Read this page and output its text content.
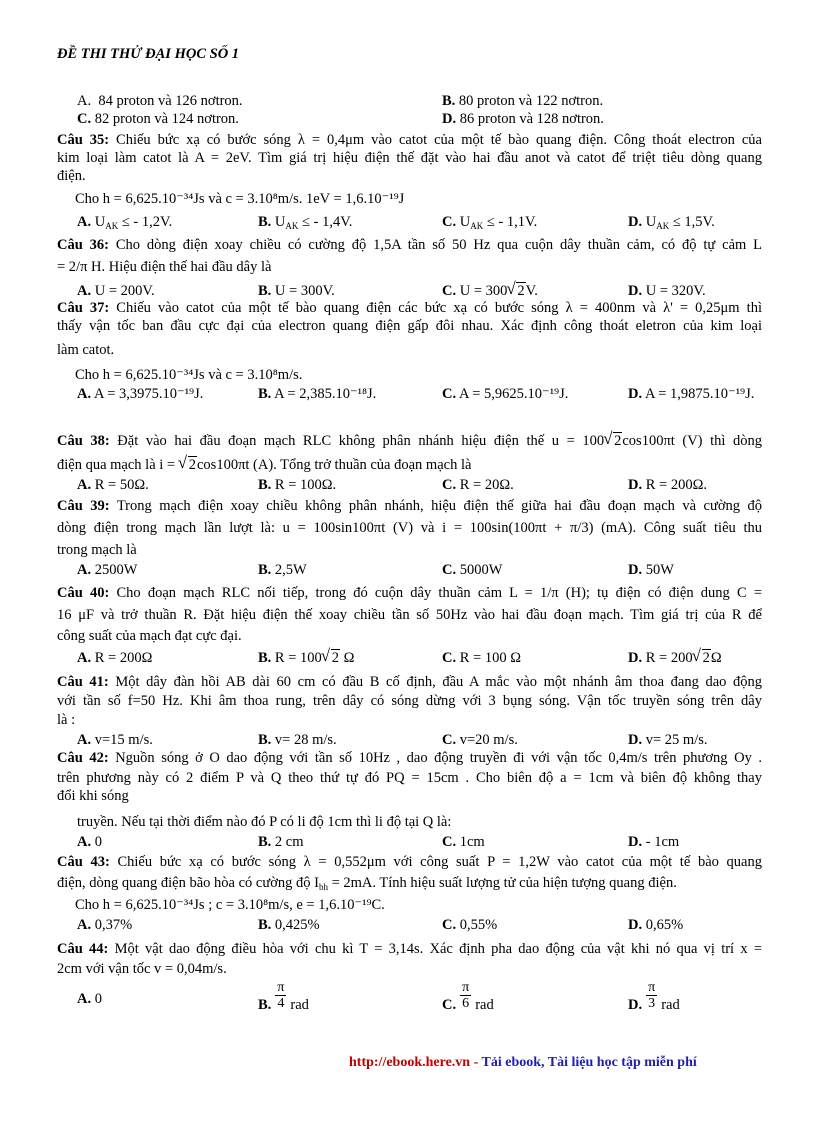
ĐỀ THI THỬ ĐẠI HỌC SỐ 1
A.  84 proton và 126 nơtron.	B. 80 proton và 122 nơtron.
C. 82 proton và 124 nơtron.	D. 86 proton và 128 nơtron.
Câu 35: Chiếu bức xạ có bước sóng λ = 0,4μm vào catot của một tế bào quang điện. Công thoát electron của
kim loại làm catot là A = 2eV. Tìm giá trị hiệu điện thế đặt vào hai đầu anot và catot để triệt tiêu dòng quang
điện.
Cho h = 6,625.10⁻³⁴Js và c = 3.10⁸m/s. 1eV = 1,6.10⁻¹⁹J
A. $U_{AK}$ ≤ - 1,2V.	B. $U_{AK}$ ≤ - 1,4V.	C. $U_{AK}$ ≤ - 1,1V.	D. $U_{AK} \le 1,5V$.
Câu 36: Cho dòng điện xoay chiều có cường độ 1,5A tần số 50 Hz qua cuộn dây thuần cảm, có độ tự cảm L
= 2/π H. Hiệu điện thế hai đầu dây là
A. U = 200V.	B. U = 300V.	C. U = 300 √ 2V.	D. U = 320V.
Câu 37: Chiếu vào catot của một tế bào quang điện các bức xạ có bước sóng λ = 400nm và λ' = 0,25μm thì
thấy vận tốc ban đầu cực đại của electron quang điện gấp đôi nhau. Xác định công thoát eletron của kim loại
làm catot.
Cho h = 6,625.10⁻³⁴Js và c = 3.10⁸m/s.
A. A = 3,3975.10⁻¹⁹J.	B. A = 2,385.10⁻¹⁸J.	C. A = 5,9625.10⁻¹⁹J.	D. A = 1,9875.10⁻¹⁹J.
Câu 38: Đặt vào hai đầu đoạn mạch RLC không phân nhánh hiệu điện thế u = 100 √ 2cos100πt (V) thì dòng
điện qua mạch là i = √ 2cos100πt (A). Tổng trở thuần của đoạn mạch là
A. R = 50Ω.	B. R = 100Ω.	C. R = 20Ω.	D. R = 200Ω.
Câu 39: Trong mạch điện xoay chiều không phân nhánh, hiệu điện thế giữa hai đầu đoạn mạch và cường độ
dòng điện trong mạch lần lượt là: u = 100sin100πt (V) và i = 100sin(100πt + π/3) (mA). Công suất tiêu thu
trong mạch là
A. 2500W	B. 2,5W	C. 5000W	D. 50W
Câu 40: Cho đoạn mạch RLC nối tiếp, trong đó cuộn dây thuần cảm L = 1/π (H); tụ điện có điện dung C =
16 μF và trở thuần R. Đặt hiệu điện thế xoay chiều tần số 50Hz vào hai đầu đoạn mạch. Tìm giá trị của R để
công suất của mạch đạt cực đại.
A. R = 200Ω	B. R = 100 √ 2 Ω	C. R = 100 Ω	D. R = 200 √ 2Ω
Câu 41: Một dây đàn hồi AB dài 60 cm có đầu B cố định, đầu A mắc vào một nhánh âm thoa đang dao động
với tần số f=50 Hz. Khi âm thoa rung, trên dây có sóng dừng với 3 bụng sóng. Vận tốc truyền sóng trên dây
là :
A. v=15 m/s.	B. v= 28 m/s.	C. v=20 m/s.	D. v= 25 m/s.
Câu 42: Nguồn sóng ở O dao động với tần số 10Hz , dao động truyền đi với vận tốc 0,4m/s trên phương Oy .
trên phương này có 2 điểm P và Q theo thứ tự đó PQ = 15cm . Cho biên độ a = 1cm và biên độ không thay
đổi khi sóng
truyền. Nếu tại thời điểm nào đó P có li độ 1cm thì li độ tại Q là:
A. 0	B. 2 cm	C. 1cm	D. - 1cm
Câu 43: Chiếu bức xạ có bước sóng λ = 0,552μm với công suất P = 1,2W vào catot của một tế bào quang
điện, dòng quang điện bão hòa có cường độ $I_{bh} = 2mA$. Tính hiệu suất lượng tử của hiện tượng quang điện.
Cho h = 6,625.10⁻³⁴Js ; c = 3.10⁸m/s, e = 1,6.10⁻¹⁹C.
A. 0,37%	B. 0,425%	C. 0,55%	D. 0,65%
Câu 44: Một vật dao động điều hòa với chu kì T = 3,14s. Xác định pha dao động của vật khi nó qua vị trí x =
2cm với vận tốc v = 0,04m/s.
A. 0	B. $\frac{\pi}{4}$ rad	C. $\frac{\pi}{6}$ rad	D. $\frac{\pi}{3}$ rad
http://ebook.here.vn - Tải ebook, Tài liệu học tập miễn phí
